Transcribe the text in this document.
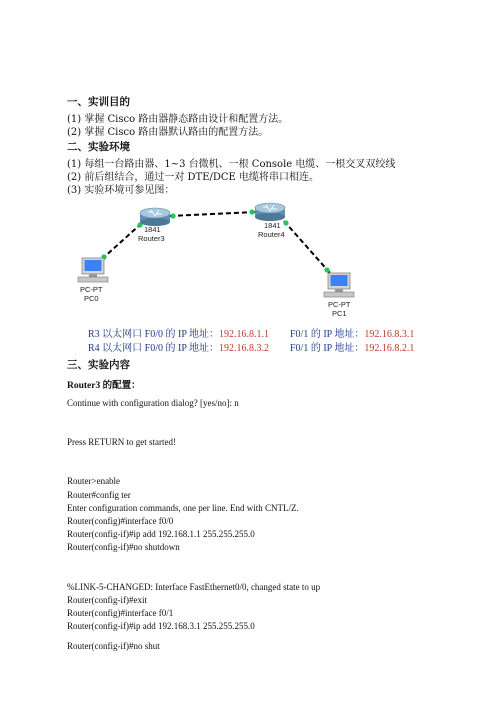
一、实训目的
(1) 掌握 Cisco 路由器静态路由设计和配置方法。
(2) 掌握 Cisco 路由器默认路由的配置方法。
二、实验环境
(1) 每组一台路由器、1~3 台微机、一根 Console 电缆、一根交叉双绞线
(2) 前后组结合，通过一对 DTE/DCE 电缆将串口相连。
(3) 实验环境可参见图：
1841
Router3
1841
Router4
PC-PT
PC0
PC-PT
PC1
R3 以太网口 F0/0 的 IP 地址：192.16.8.1.1 F0/1 的 IP 地址：192.16.8.3.1
R4 以太网口 F0/0 的 IP 地址：192.16.8.3.2 F0/1 的 IP 地址：192.16.8.2.1
三、实验内容
Router3 的配置：
Continue with configuration dialog? [yes/no]: n
Press RETURN to get started!
Router>enable
Router#config ter
Enter configuration commands, one per line. End with CNTL/Z.
Router(config)#interface f0/0
Router(config-if)#ip add 192.168.1.1 255.255.255.0
Router(config-if)#no shutdown
%LINK-5-CHANGED: Interface FastEthernet0/0, changed state to up
Router(config-if)#exit
Router(config)#interface f0/1
Router(config-if)#ip add 192.168.3.1 255.255.255.0
Router(config-if)#no shut
